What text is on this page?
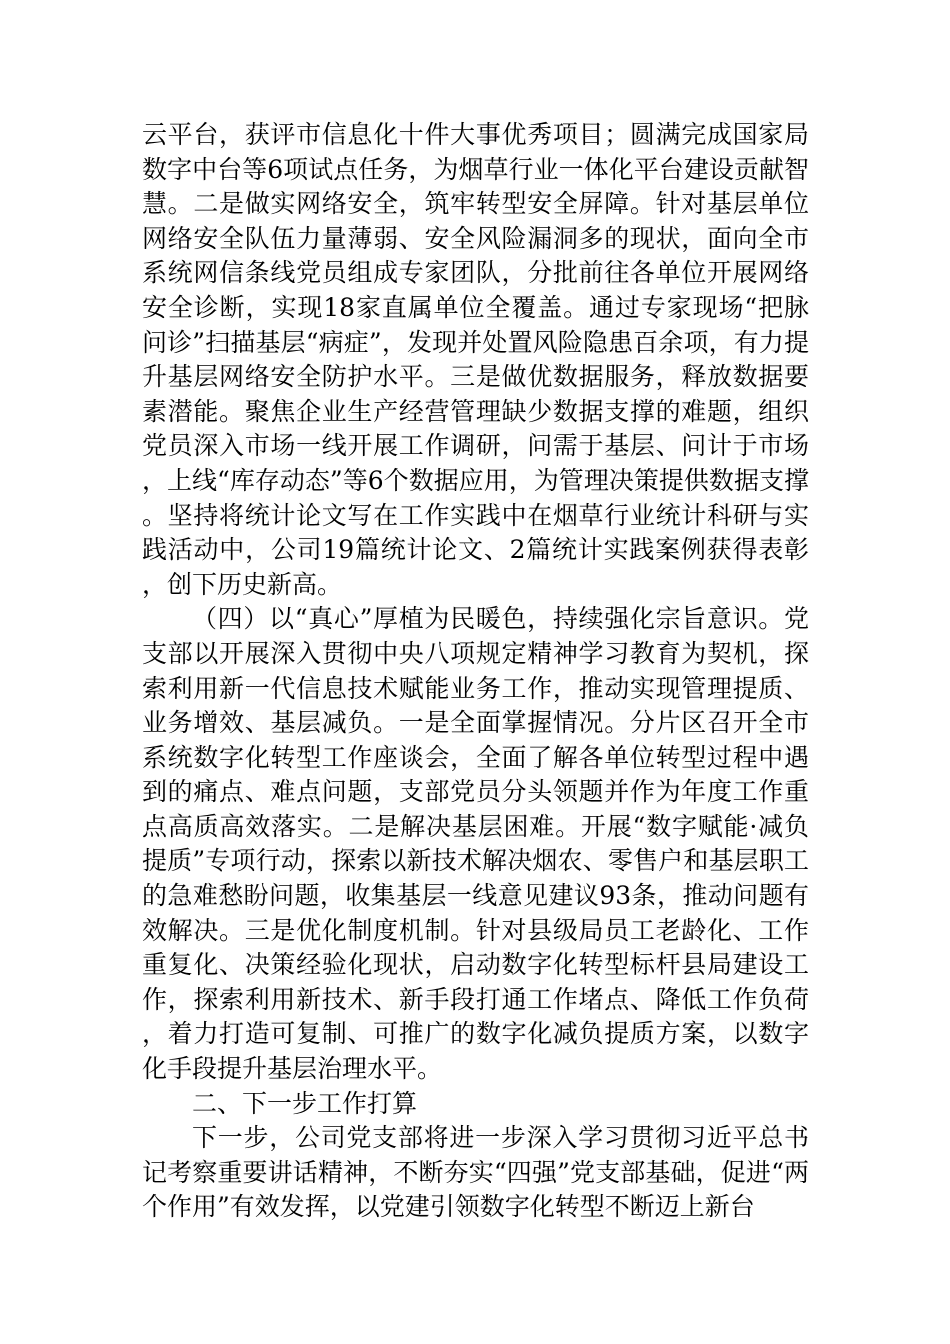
云平台，获评市信息化十件大事优秀项目；圆满完成国家局数字中台等6项试点任务，为烟草行业一体化平台建设贡献智慧。二是做实网络安全，筑牢转型安全屏障。针对基层单位网络安全队伍力量薄弱、安全风险漏洞多的现状，面向全市系统网信条线党员组成专家团队，分批前往各单位开展网络安全诊断，实现18家直属单位全覆盖。通过专家现场“把脉问诊”扫描基层“病症”，发现并处置风险隐患百余项，有力提升基层网络安全防护水平。三是做优数据服务，释放数据要素潜能。聚焦企业生产经营管理缺少数据支撑的难题，组织党员深入市场一线开展工作调研，问需于基层、问计于市场，上线“库存动态”等6个数据应用，为管理决策提供数据支撑。坚持将统计论文写在工作实践中在烟草行业统计科研与实践活动中，公司19篇统计论文、2篇统计实践案例获得表彰，创下历史新高。

（四）以“真心”厚植为民暖色，持续强化宗旨意识。党支部以开展深入贯彻中央八项规定精神学习教育为契机，探索利用新一代信息技术赋能业务工作，推动实现管理提质、业务增效、基层减负。一是全面掌握情况。分片区召开全市系统数字化转型工作座谈会，全面了解各单位转型过程中遇到的痛点、难点问题，支部党员分头领题并作为年度工作重点高质高效落实。二是解决基层困难。开展“数字赋能·减负提质”专项行动，探索以新技术解决烟农、零售户和基层职工的急难愁盼问题，收集基层一线意见建议93条，推动问题有效解决。三是优化制度机制。针对县级局员工老龄化、工作重复化、决策经验化现状，启动数字化转型标杆县局建设工作，探索利用新技术、新手段打通工作堵点、降低工作负荷，着力打造可复制、可推广的数字化减负提质方案，以数字化手段提升基层治理水平。

二、下一步工作打算

下一步，公司党支部将进一步深入学习贯彻习近平总书记考察重要讲话精神，不断夯实“四强”党支部基础，促进“两个作用”有效发挥，以党建引领数字化转型不断迈上新台
